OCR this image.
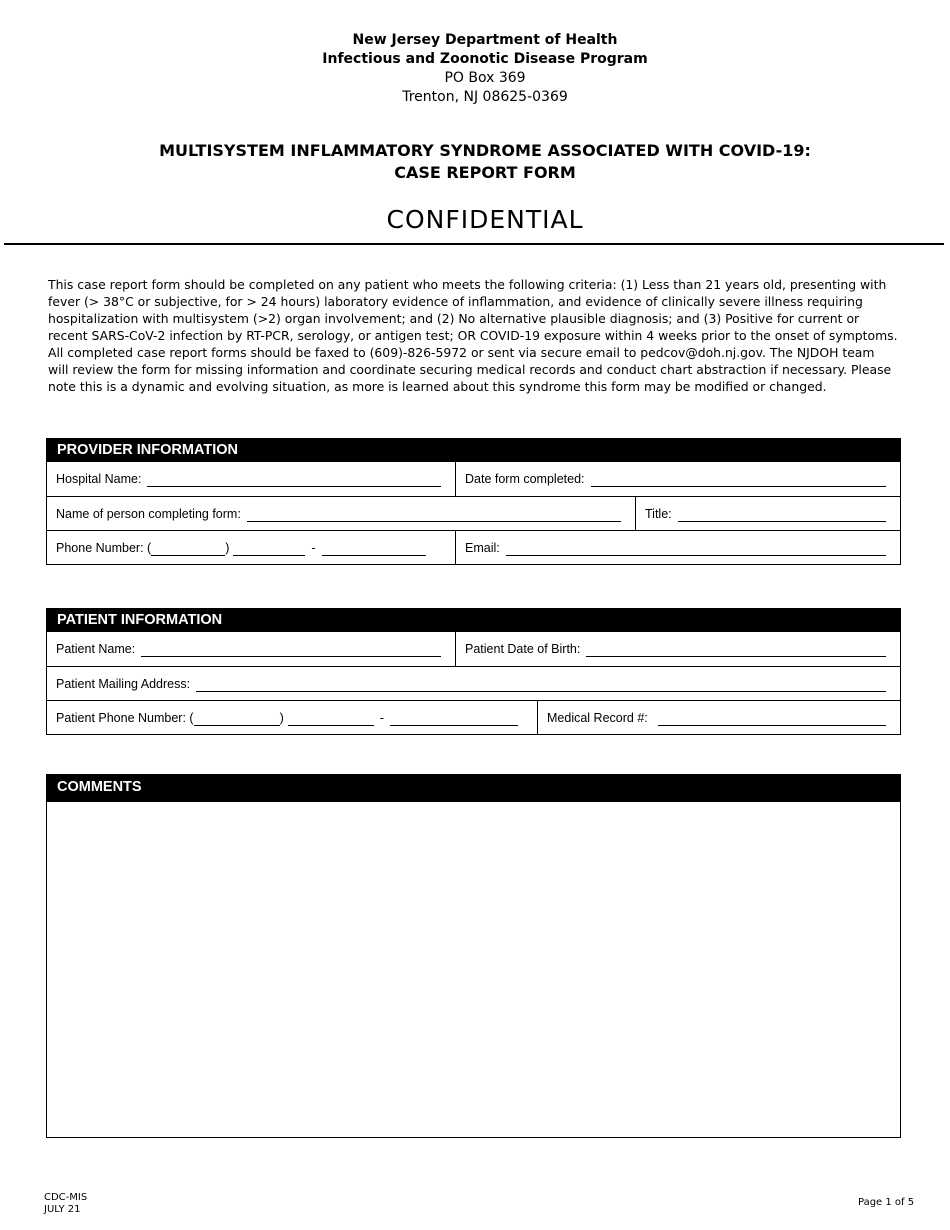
New Jersey Department of Health
Infectious and Zoonotic Disease Program
PO Box 369
Trenton, NJ 08625-0369
MULTISYSTEM INFLAMMATORY SYNDROME ASSOCIATED WITH COVID-19:
CASE REPORT FORM
CONFIDENTIAL
This case report form should be completed on any patient who meets the following criteria: (1) Less than 21 years old, presenting with fever (> 38°C or subjective, for > 24 hours) laboratory evidence of inflammation, and evidence of clinically severe illness requiring hospitalization with multisystem (>2) organ involvement; and (2) No alternative plausible diagnosis; and (3) Positive for current or recent SARS-CoV-2 infection by RT-PCR, serology, or antigen test; OR COVID-19 exposure within 4 weeks prior to the onset of symptoms. All completed case report forms should be faxed to (609)-826-5972 or sent via secure email to pedcov@doh.nj.gov. The NJDOH team will review the form for missing information and coordinate securing medical records and conduct chart abstraction if necessary. Please note this is a dynamic and evolving situation, as more is learned about this syndrome this form may be modified or changed.
PROVIDER INFORMATION
Hospital Name:	Date form completed:
Name of person completing form:	Title:
Phone Number: (	)	-	Email:
PATIENT INFORMATION
Patient Name:	Patient Date of Birth:
Patient Mailing Address:
Patient Phone Number: (	)	-	Medical Record #:
COMMENTS
CDC-MIS
JULY 21
Page 1 of 5
